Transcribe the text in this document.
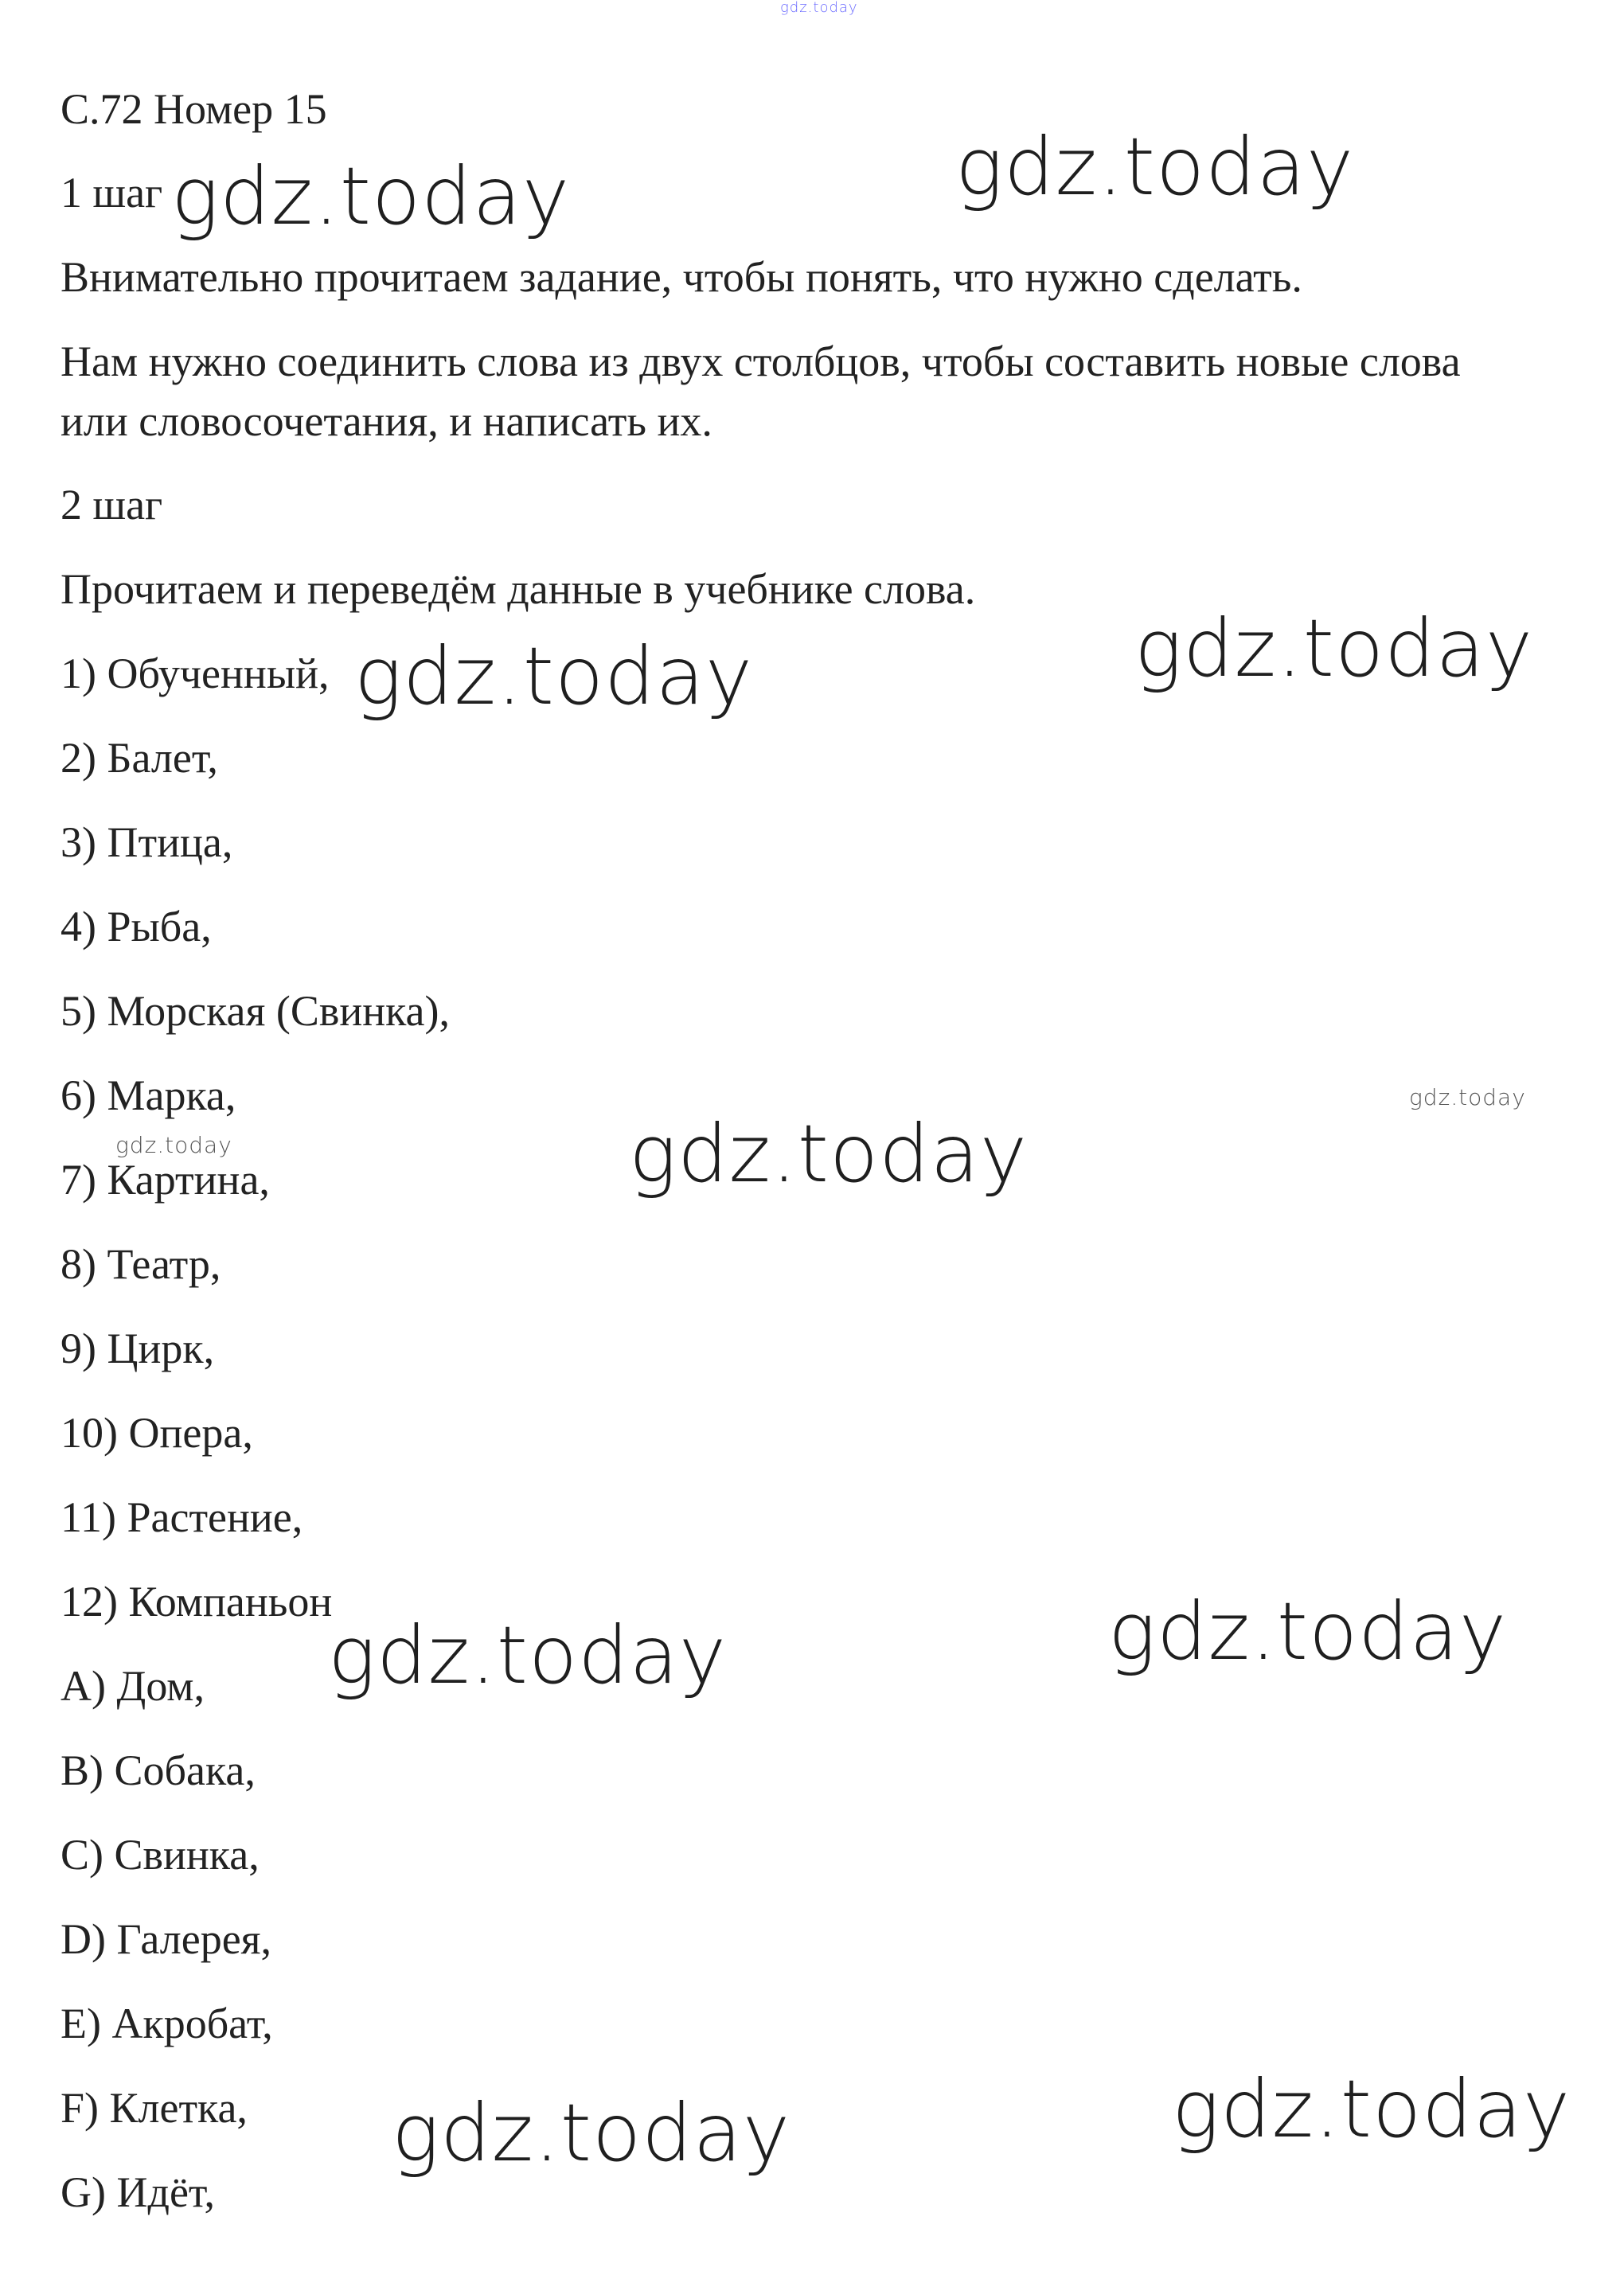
gdz.today
С.72 Номер 15
1 шаг
Внимательно прочитаем задание, чтобы понять, что нужно сделать.
Нам нужно соединить слова из двух столбцов, чтобы составить новые слова
или словосочетания, и написать их.
2 шаг
Прочитаем и переведём данные в учебнике слова.
1) Обученный,
2) Балет,
3) Птица,
4) Рыба,
5) Морская (Свинка),
6) Марка,
7) Картина,
8) Театр,
9) Цирк,
10) Опера,
11) Растение,
12) Компаньон
A) Дом,
B) Собака,
C) Свинка,
D) Галерея,
E) Акробат,
F) Клетка,
G) Идёт,
gdz.today
gdz.today
gdz.today
gdz.today
gdz.today
gdz.today	gdz.today
gdz.today
gdz.today
gdz.today
gdz.today
